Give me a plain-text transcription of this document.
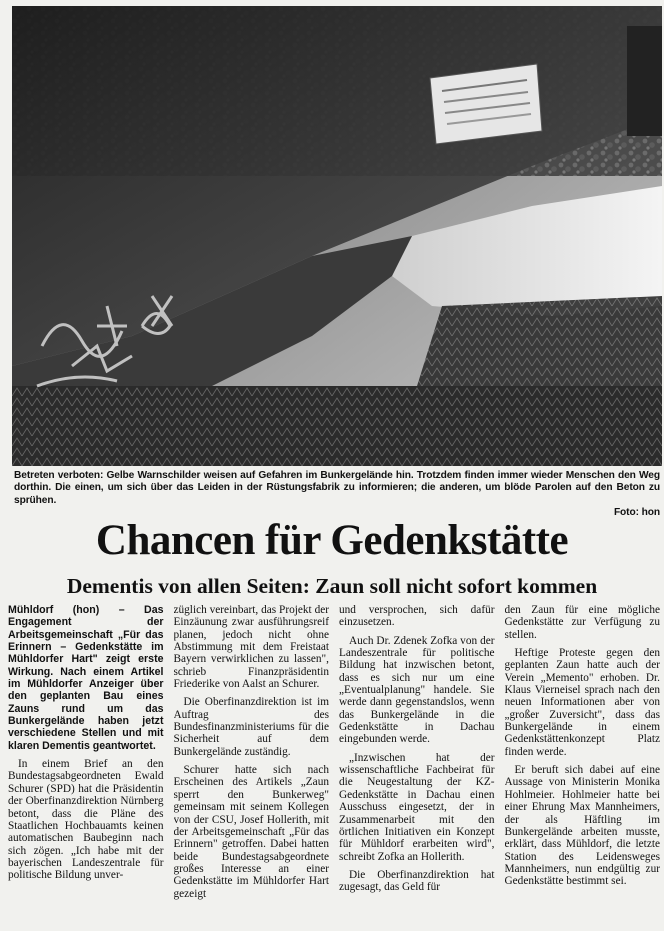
Betreten verboten: Gelbe Warnschilder weisen auf Gefahren im Bunkergelände hin. Trotzdem finden immer wieder Menschen den Weg dorthin. Die einen, um sich über das Leiden in der Rüstungsfabrik zu informieren; die anderen, um blöde Parolen auf den Beton zu sprühen.
Foto: hon
Chancen für Gedenkstätte
Dementis von allen Seiten: Zaun soll nicht sofort kommen

Mühldorf (hon) – Das Engagement der Arbeitsgemeinschaft „Für das Erinnern – Gedenkstätte im Mühldorfer Hart" zeigt erste Wirkung. Nach einem Artikel im Mühldorfer Anzeiger über den geplanten Bau eines Zauns rund um das Bunkergelände haben jetzt verschiedene Stellen und mit klaren Dementis geantwortet.

In einem Brief an den Bundestagsabgeordneten Ewald Schurer (SPD) hat die Präsidentin der Oberfinanzdirektion Nürnberg betont, dass die Pläne des Staatlichen Hochbauamts keinen automatischen Baubeginn nach sich zögen. „Ich habe mit der bayerischen Landeszentrale für politische Bildung unver-

züglich vereinbart, das Projekt der Einzäunung zwar ausführungsreif planen, jedoch nicht ohne Abstimmung mit dem Freistaat Bayern verwirklichen zu lassen", schrieb Finanzpräsidentin Friederike von Aalst an Schurer.

Die Oberfinanzdirektion ist im Auftrag des Bundesfinanzministeriums für die Sicherheit auf dem Bunkergelände zuständig.

Schurer hatte sich nach Erscheinen des Artikels „Zaun sperrt den Bunkerweg" gemeinsam mit seinem Kollegen von der CSU, Josef Hollerith, mit der Arbeitsgemeinschaft „Für das Erinnern" getroffen. Dabei hatten beide Bundestagsabgeordnete großes Interesse an einer Gedenkstätte im Mühldorfer Hart gezeigt

und versprochen, sich dafür einzusetzen.

Auch Dr. Zdenek Zofka von der Landeszentrale für politische Bildung hat inzwischen betont, dass es sich nur um eine „Eventualplanung" handele. Sie werde dann gegenstandslos, wenn das Bunkergelände in die Gedenkstätte in Dachau eingebunden werde.

„Inzwischen hat der wissenschaftliche Fachbeirat für die Neugestaltung der KZ-Gedenkstätte in Dachau einen Ausschuss eingesetzt, der in Zusammenarbeit mit den örtlichen Initiativen ein Konzept für Mühldorf erarbeiten wird", schreibt Zofka an Hollerith.

Die Oberfinanzdirektion hat zugesagt, das Geld für

den Zaun für eine mögliche Gedenkstätte zur Verfügung zu stellen.

Heftige Proteste gegen den geplanten Zaun hatte auch der Verein „Memento" erhoben. Dr. Klaus Vierneisel sprach nach den neuen Informationen aber von „großer Zuversicht", dass das Bunkergelände in einem Gedenkstättenkonzept Platz finden werde.

Er beruft sich dabei auf eine Aussage von Ministerin Monika Hohlmeier. Hohlmeier hatte bei einer Ehrung Max Mannheimers, der als Häftling im Bunkergelände arbeiten musste, erklärt, dass Mühldorf, die letzte Station des Leidensweges Mannheimers, nun endgültig zur Gedenkstätte bestimmt sei.
